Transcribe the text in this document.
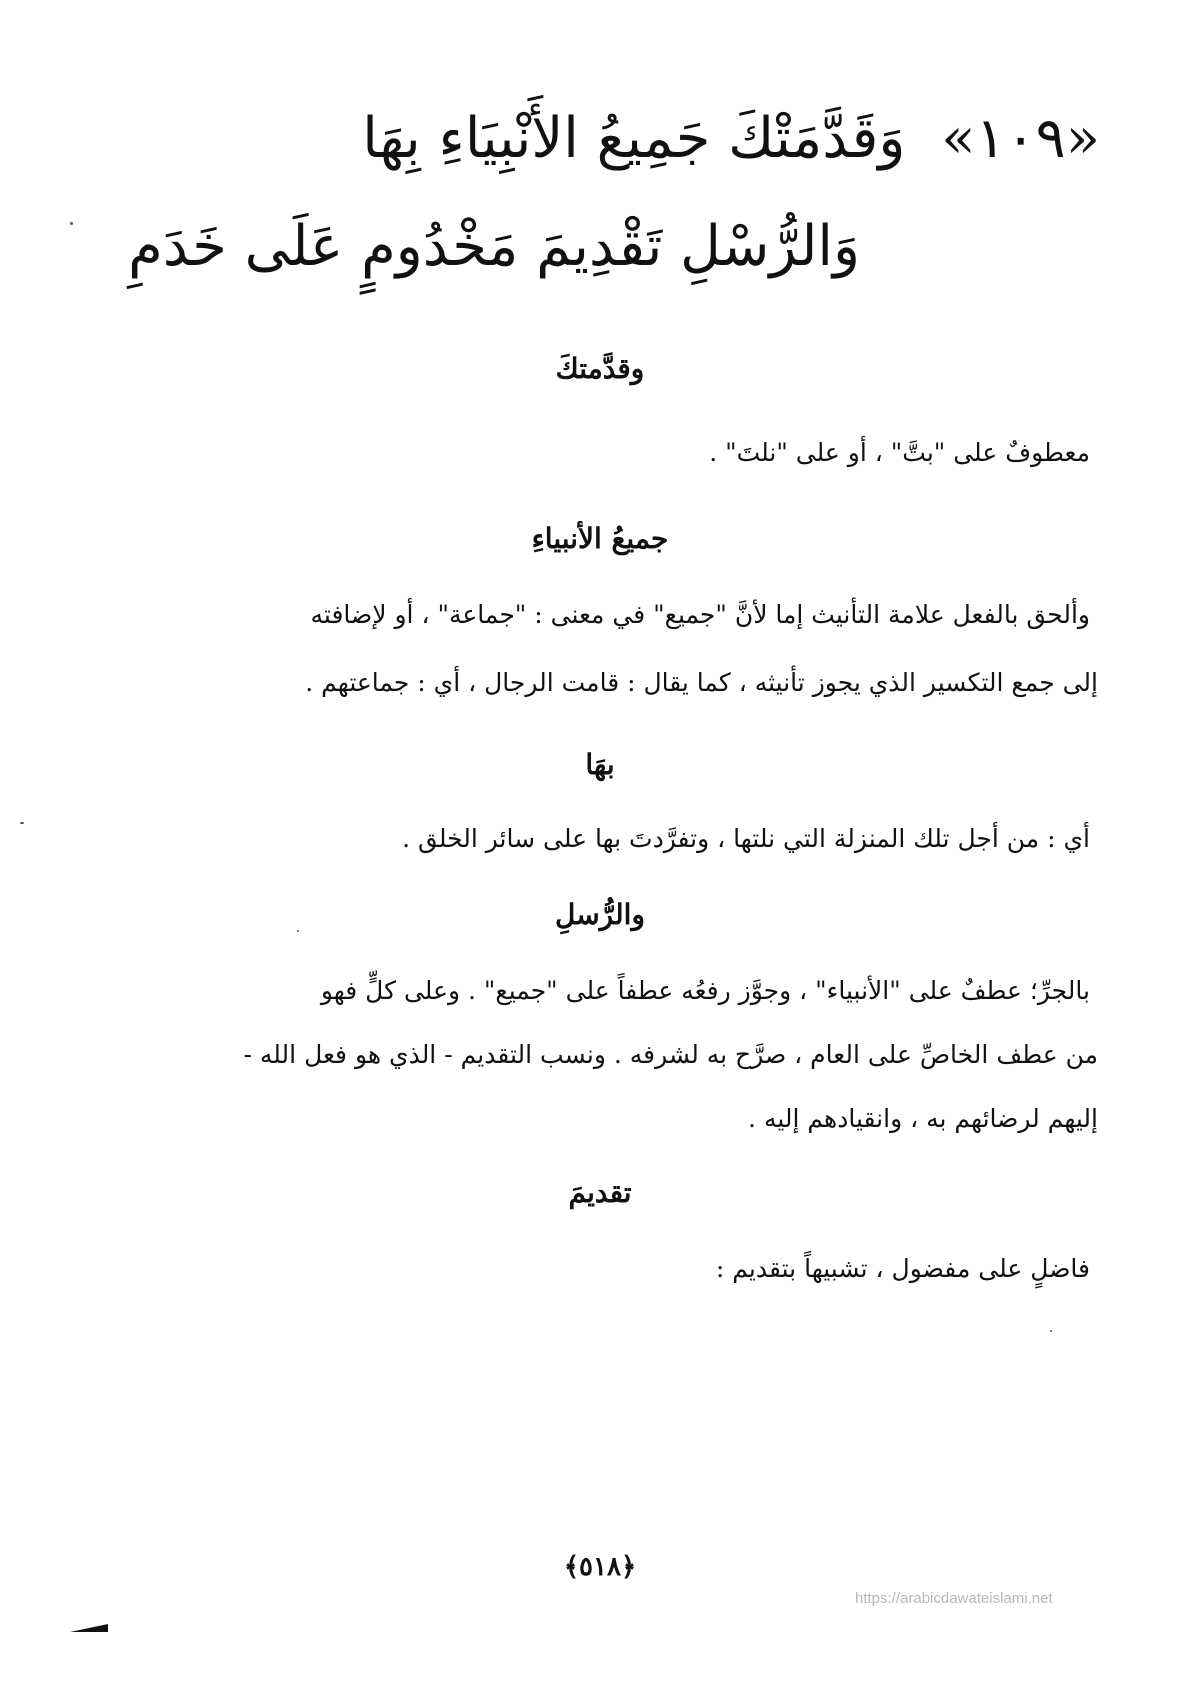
«١٠٩» وَقَدَّمَتْكَ جَمِيعُ الأَنْبِيَاءِ بِهَا
وَالرُّسْلِ تَقْدِيمَ مَخْدُومٍ عَلَى خَدَمِ
وقدَّمتكَ
معطوفٌ على "بتَّ" ، أو على "نلتَ" .
جميعُ الأنبياءِ
وألحق بالفعل علامة التأنيث إما لأنَّ "جميع" في معنى : "جماعة" ، أو لإضافته
إلى جمع التكسير الذي يجوز تأنيثه ، كما يقال : قامت الرجال ، أي : جماعتهم .
بهَا
أي : من أجل تلك المنزلة التي نلتها ، وتفرَّدتَ بها على سائر الخلق .
والرُّسلِ
بالجرِّ؛ عطفٌ على "الأنبياء" ، وجوَّز رفعُه عطفاً على "جميع" . وعلى كلٍّ فهو
من عطف الخاصِّ على العام ، صرَّح به لشرفه . ونسب التقديم - الذي هو فعل الله -
إليهم لرضائهم به ، وانقيادهم إليه .
تقديمَ
فاضلٍ على مفضول ، تشبيهاً بتقديم :
﴿٥١٨﴾
https://arabicdawateislami.net
